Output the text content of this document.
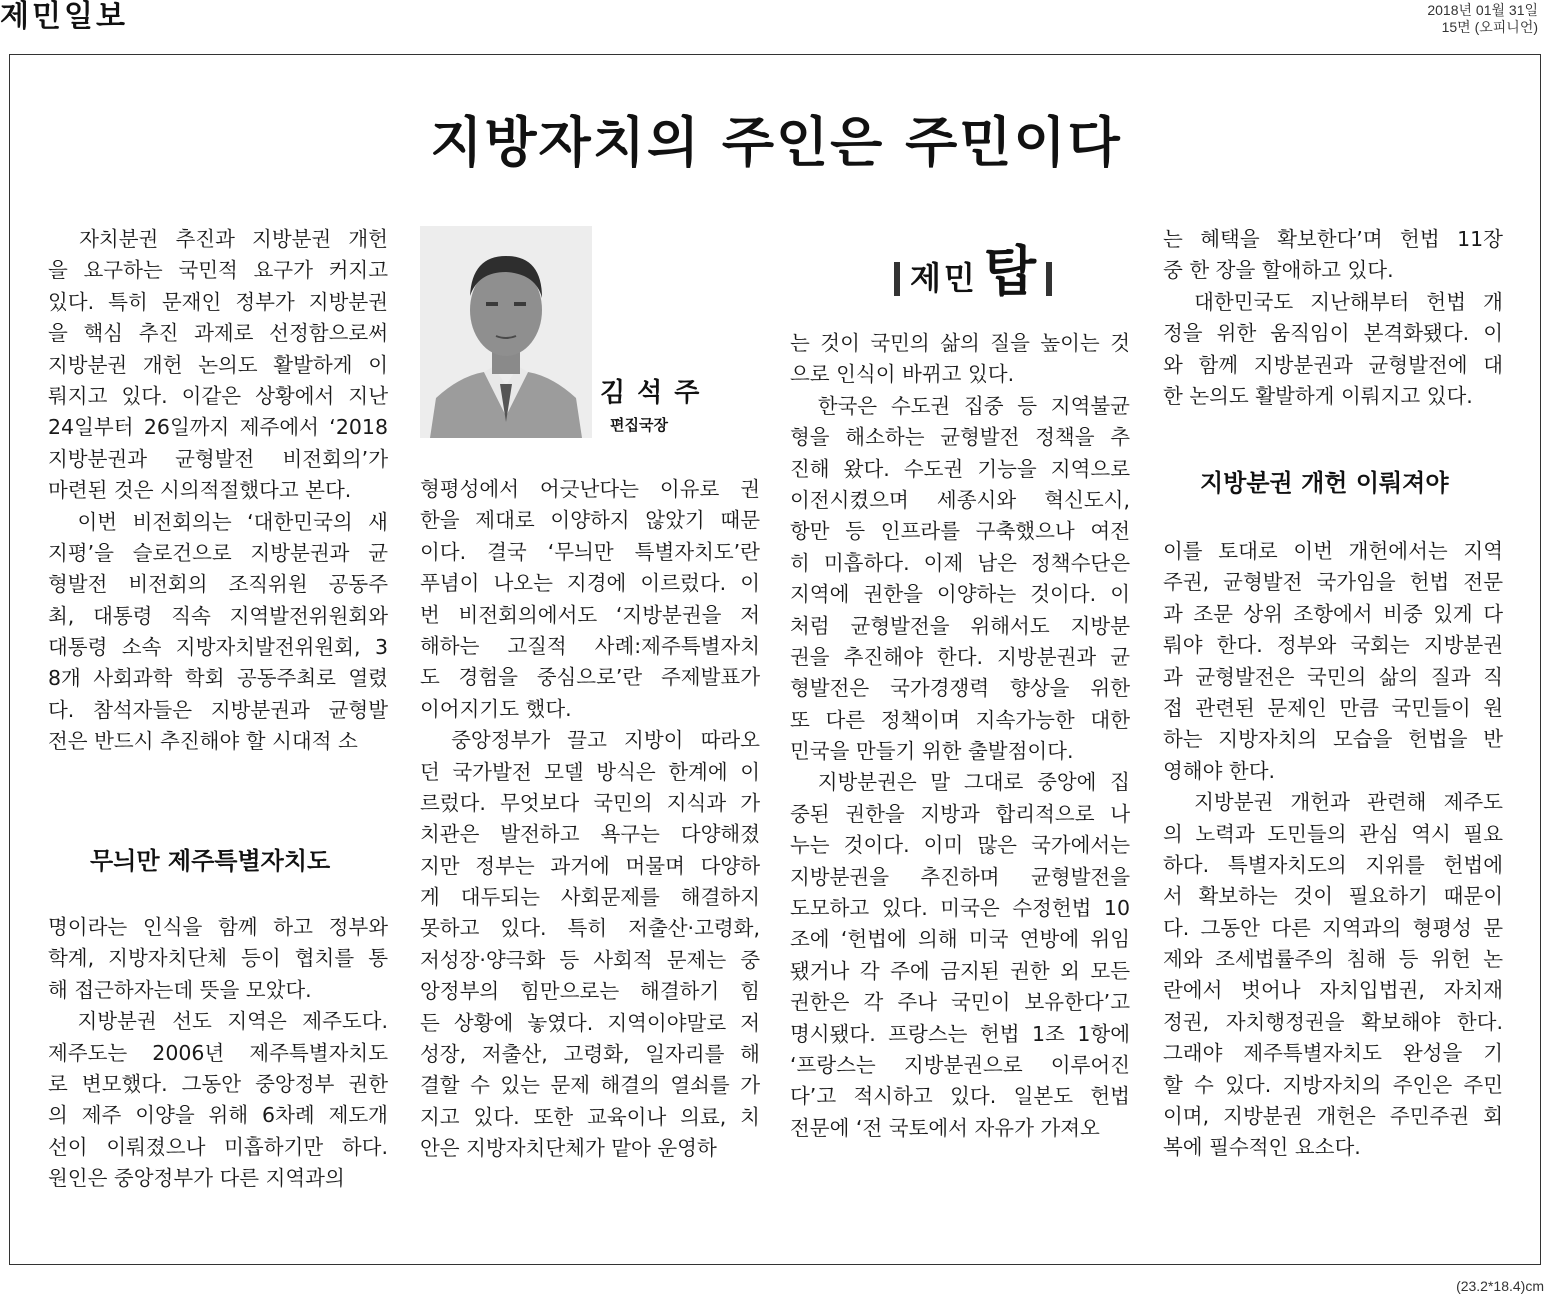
제민일보	2018년 01월 31일
15면 (오피니언)
지방자치의 주인은 주민이다
　자치분권 추진과 지방분권 개헌
을 요구하는 국민적 요구가 커지고
있다. 특히 문재인 정부가 지방분권
을 핵심 추진 과제로 선정함으로써
지방분권 개헌 논의도 활발하게 이
뤄지고 있다. 이같은 상황에서 지난
24일부터 26일까지 제주에서 ‘2018
지방분권과 균형발전 비전회의’가
마련된 것은 시의적절했다고 본다.
　이번 비전회의는 ‘대한민국의 새
지평’을 슬로건으로 지방분권과 균
형발전 비전회의 조직위원 공동주
최, 대통령 직속 지역발전위원회와
대통령 소속 지방자치발전위원회, 3
8개 사회과학 학회 공동주최로 열렸
다. 참석자들은 지방분권과 균형발
전은 반드시 추진해야 할 시대적 소
무늬만 제주특별자치도
명이라는 인식을 함께 하고 정부와
학계, 지방자치단체 등이 협치를 통
해 접근하자는데 뜻을 모았다.
　지방분권 선도 지역은 제주도다.
제주도는 2006년 제주특별자치도
로 변모했다. 그동안 중앙정부 권한
의 제주 이양을 위해 6차례 제도개
선이 이뤄졌으나 미흡하기만 하다.
원인은 중앙정부가 다른 지역과의
김석주
편집국장
형평성에서 어긋난다는 이유로 권
한을 제대로 이양하지 않았기 때문
이다. 결국 ‘무늬만 특별자치도’란
푸념이 나오는 지경에 이르렀다. 이
번 비전회의에서도 ‘지방분권을 저
해하는 고질적 사례:제주특별자치
도 경험을 중심으로’란 주제발표가
이어지기도 했다.
　중앙정부가 끌고 지방이 따라오
던 국가발전 모델 방식은 한계에 이
르렀다. 무엇보다 국민의 지식과 가
치관은 발전하고 욕구는 다양해졌
지만 정부는 과거에 머물며 다양하
게 대두되는 사회문제를 해결하지
못하고 있다. 특히 저출산·고령화,
저성장·양극화 등 사회적 문제는 중
앙정부의 힘만으로는 해결하기 힘
든 상황에 놓였다. 지역이야말로 저
성장, 저출산, 고령화, 일자리를 해
결할 수 있는 문제 해결의 열쇠를 가
지고 있다. 또한 교육이나 의료, 치
안은 지방자치단체가 맡아 운영하
제민 탑
는 것이 국민의 삶의 질을 높이는 것
으로 인식이 바뀌고 있다.
　한국은 수도권 집중 등 지역불균
형을 해소하는 균형발전 정책을 추
진해 왔다. 수도권 기능을 지역으로
이전시켰으며 세종시와 혁신도시,
항만 등 인프라를 구축했으나 여전
히 미흡하다. 이제 남은 정책수단은
지역에 권한을 이양하는 것이다. 이
처럼 균형발전을 위해서도 지방분
권을 추진해야 한다. 지방분권과 균
형발전은 국가경쟁력 향상을 위한
또 다른 정책이며 지속가능한 대한
민국을 만들기 위한 출발점이다.
　지방분권은 말 그대로 중앙에 집
중된 권한을 지방과 합리적으로 나
누는 것이다. 이미 많은 국가에서는
지방분권을 추진하며 균형발전을
도모하고 있다. 미국은 수정헌법 10
조에 ‘헌법에 의해 미국 연방에 위임
됐거나 각 주에 금지된 권한 외 모든
권한은 각 주나 국민이 보유한다’고
명시됐다. 프랑스는 헌법 1조 1항에
‘프랑스는 지방분권으로 이루어진
다’고 적시하고 있다. 일본도 헌법
전문에 ‘전 국토에서 자유가 가져오
는 혜택을 확보한다’며 헌법 11장
중 한 장을 할애하고 있다.
　대한민국도 지난해부터 헌법 개
정을 위한 움직임이 본격화됐다. 이
와 함께 지방분권과 균형발전에 대
한 논의도 활발하게 이뤄지고 있다.
지방분권 개헌 이뤄져야
이를 토대로 이번 개헌에서는 지역
주권, 균형발전 국가임을 헌법 전문
과 조문 상위 조항에서 비중 있게 다
뤄야 한다. 정부와 국회는 지방분권
과 균형발전은 국민의 삶의 질과 직
접 관련된 문제인 만큼 국민들이 원
하는 지방자치의 모습을 헌법을 반
영해야 한다.
　지방분권 개헌과 관련해 제주도
의 노력과 도민들의 관심 역시 필요
하다. 특별자치도의 지위를 헌법에
서 확보하는 것이 필요하기 때문이
다. 그동안 다른 지역과의 형평성 문
제와 조세법률주의 침해 등 위헌 논
란에서 벗어나 자치입법권, 자치재
정권, 자치행정권을 확보해야 한다.
그래야 제주특별자치도 완성을 기
할 수 있다. 지방자치의 주인은 주민
이며, 지방분권 개헌은 주민주권 회
복에 필수적인 요소다.
(23.2*18.4)cm
